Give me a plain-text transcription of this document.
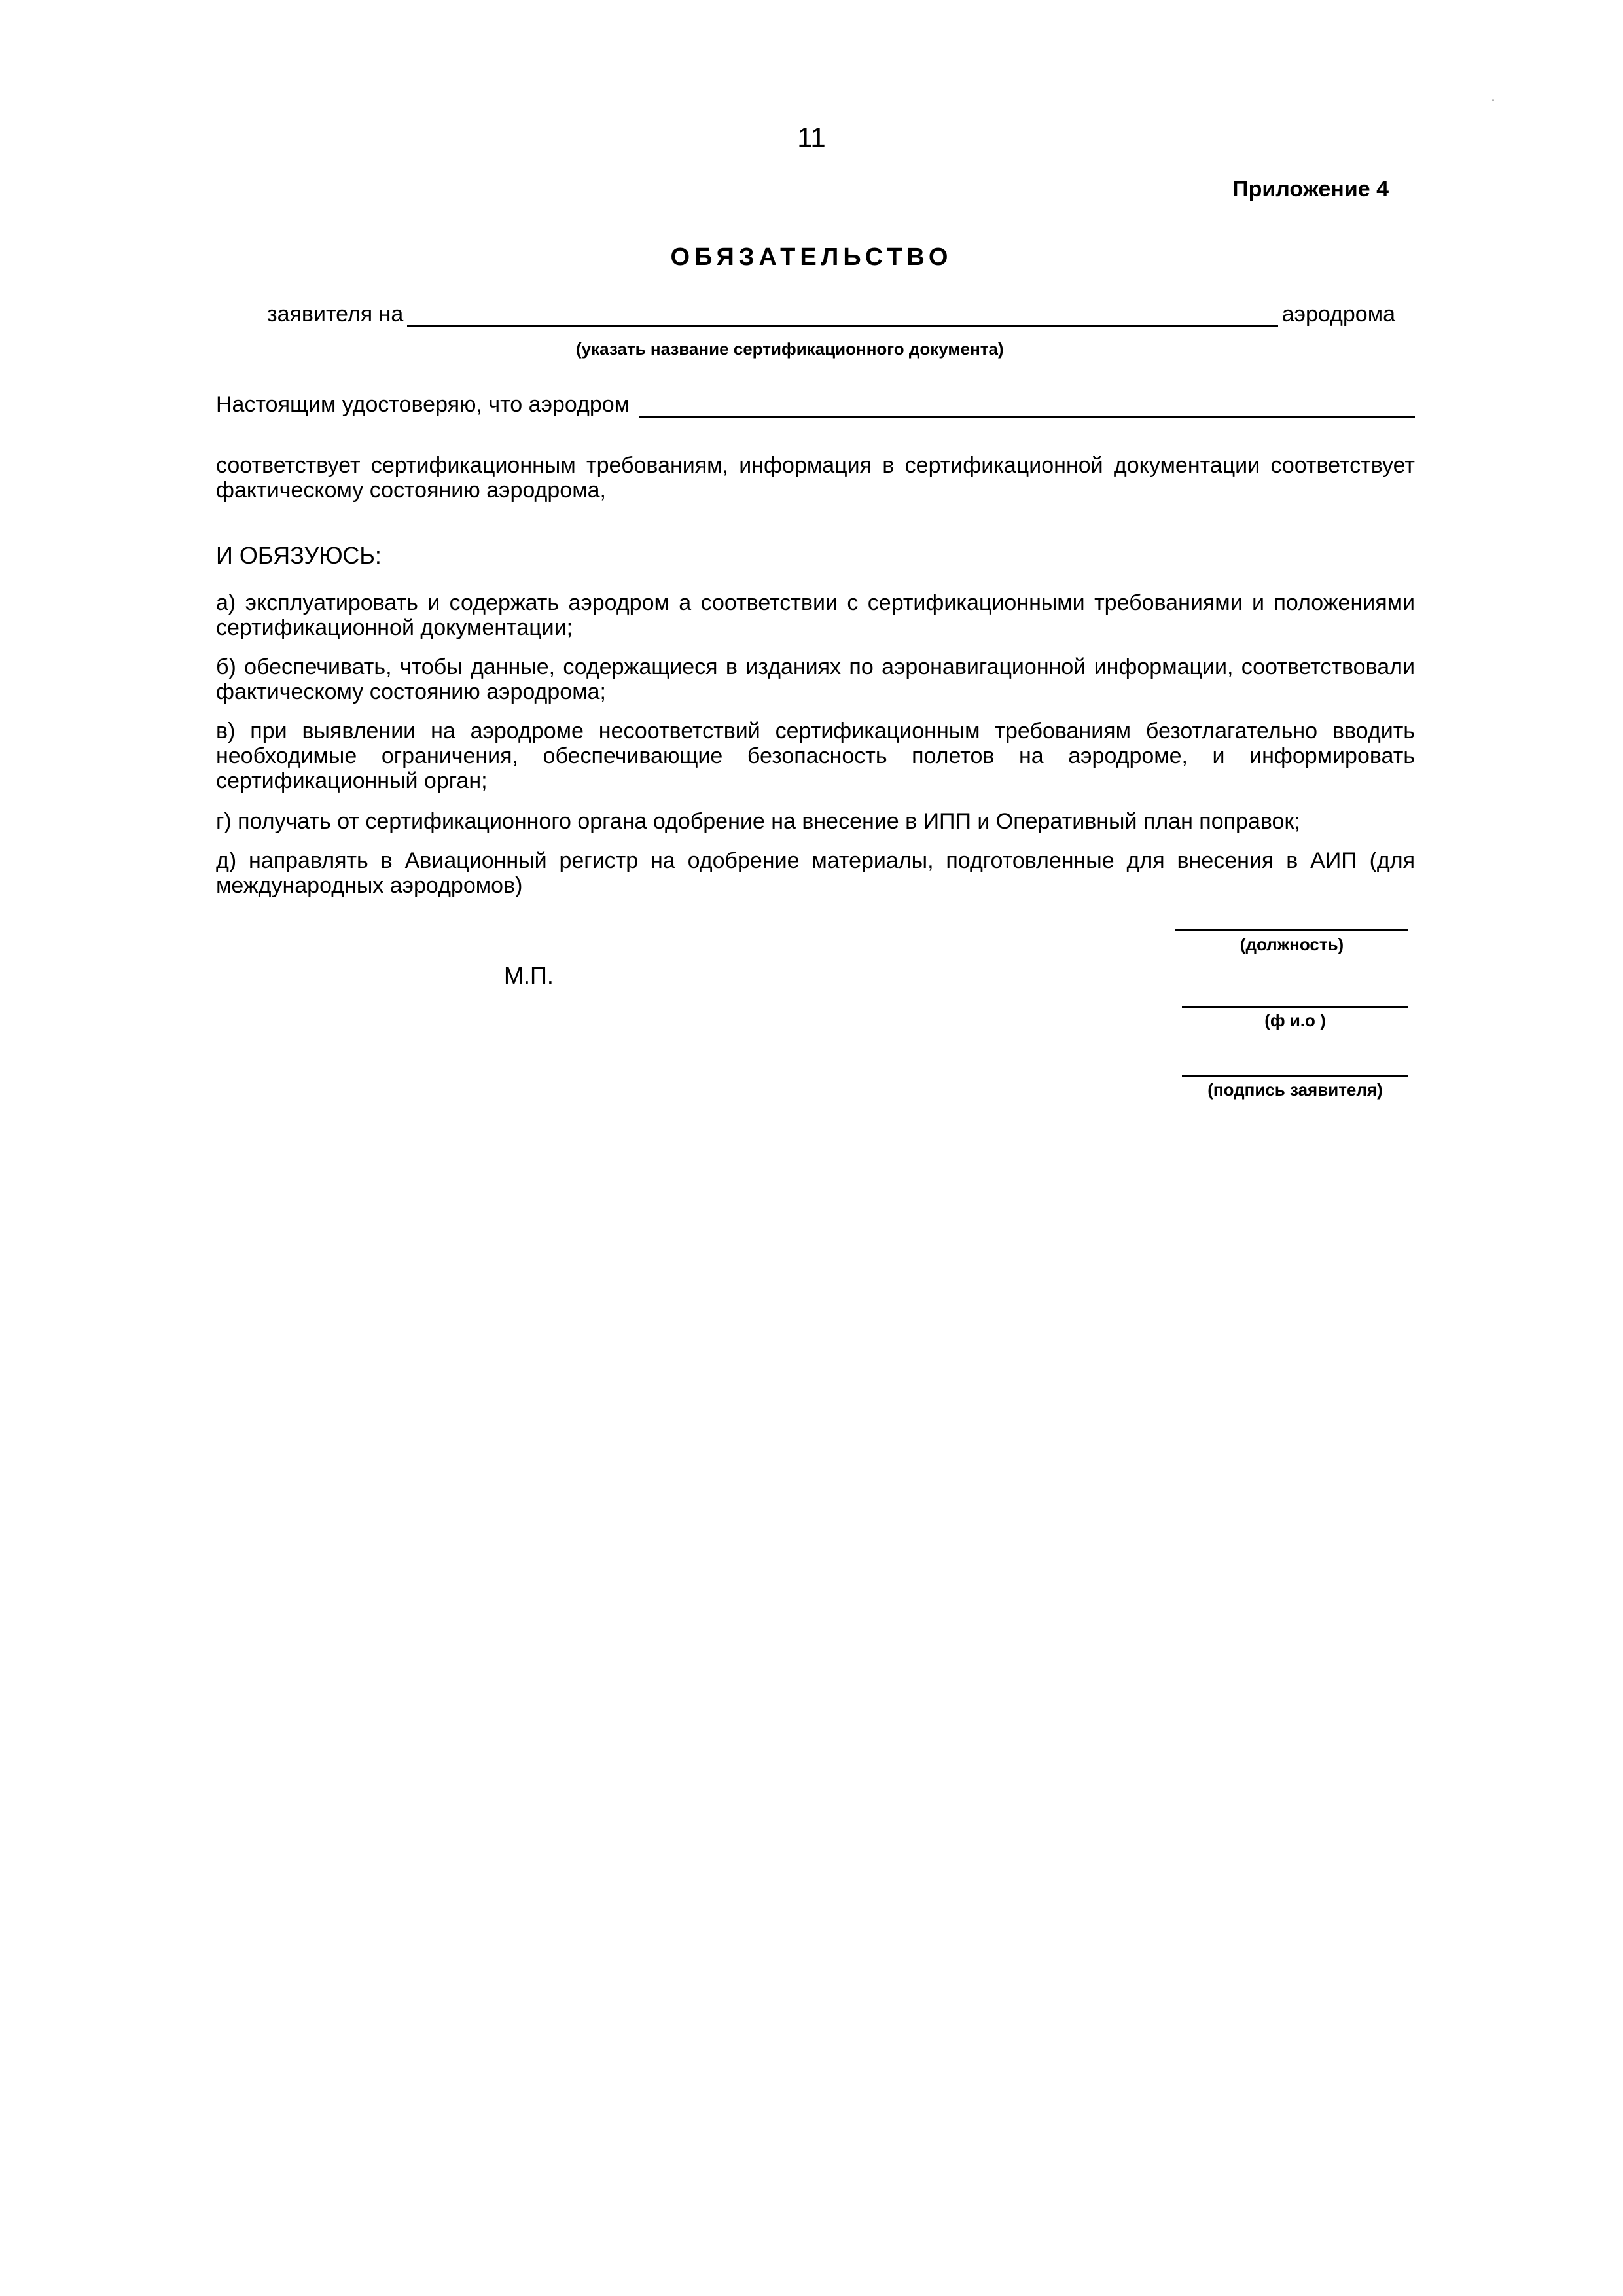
11
Приложение 4
ОБЯЗАТЕЛЬСТВО
заявителя на	аэродрома
(указать название сертификационного документа)
Настоящим удостоверяю, что аэродром
соответствует сертификационным требованиям, информация в сертификационной документации соответствует фактическому состоянию аэродрома,
И ОБЯЗУЮСЬ:
а) эксплуатировать и содержать аэродром а соответствии с сертификационными требованиями и положениями сертификационной документации;
б) обеспечивать, чтобы данные, содержащиеся в изданиях по аэронавигационной информации, соответствовали фактическому состоянию аэродрома;
в) при выявлении на аэродроме несоответствий сертификационным требованиям безотлагательно вводить необходимые ограничения, обеспечивающие безопасность полетов на аэродроме, и информировать сертификационный орган;
г) получать от сертификационного органа одобрение на внесение в ИПП и Оперативный план поправок;
д) направлять в Авиационный регистр на одобрение материалы, подготовленные для внесения в АИП (для международных аэродромов)
М.П.
(должность)
(ф и.о )
(подпись заявителя)
